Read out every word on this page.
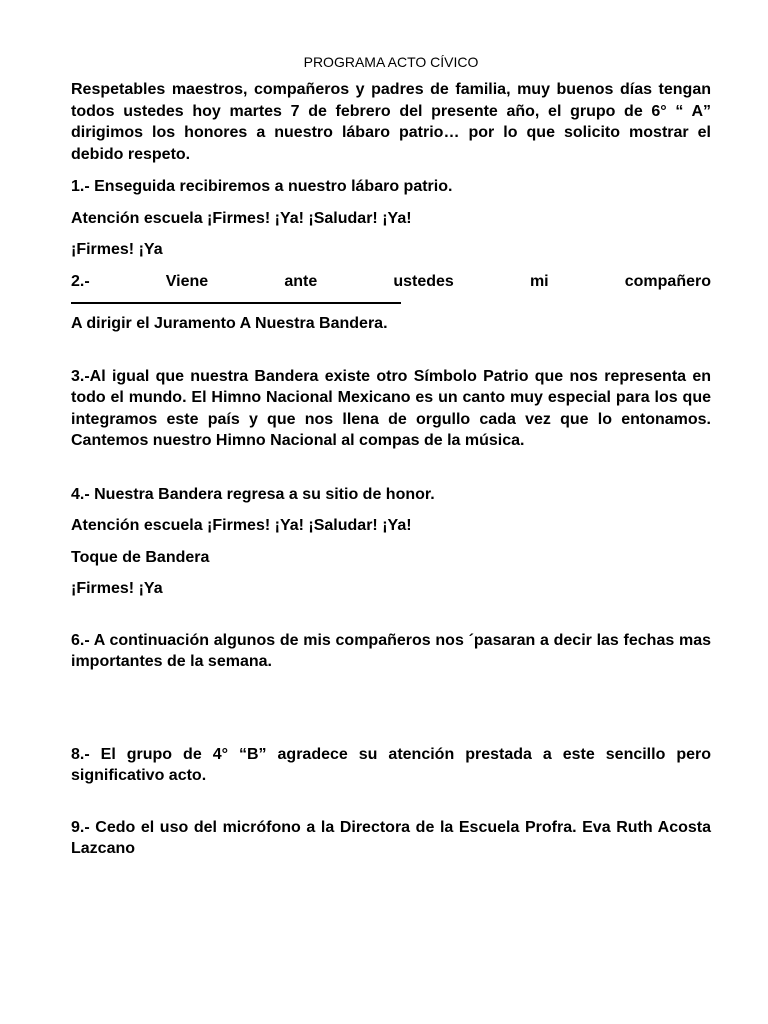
PROGRAMA ACTO CÍVICO

Respetables maestros, compañeros y padres de familia, muy buenos días tengan todos ustedes hoy martes 7 de febrero del presente año, el grupo de 6° “ A” dirigimos los honores a nuestro lábaro patrio… por lo que solicito mostrar el debido respeto.

1.- Enseguida recibiremos a nuestro lábaro patrio.

Atención escuela ¡Firmes! ¡Ya! ¡Saludar! ¡Ya!

¡Firmes! ¡Ya

2.-	Viene	ante	ustedes	mi	compañero

A dirigir el Juramento A Nuestra Bandera.

3.-Al igual que nuestra Bandera existe otro Símbolo Patrio que nos representa en todo el mundo. El Himno Nacional Mexicano es un canto muy especial para los que integramos este país y que nos llena de orgullo cada vez que lo entonamos. Cantemos nuestro Himno Nacional al compas de la música.

4.- Nuestra Bandera regresa a su sitio de honor.

Atención escuela ¡Firmes! ¡Ya! ¡Saludar! ¡Ya!

Toque de Bandera

¡Firmes! ¡Ya

6.- A continuación algunos de mis compañeros nos ´pasaran a decir las fechas mas importantes de la semana.

8.- El grupo de 4° “B” agradece su atención prestada a este sencillo pero significativo acto.

9.- Cedo el uso del micrófono a la Directora de la Escuela Profra. Eva Ruth Acosta Lazcano
